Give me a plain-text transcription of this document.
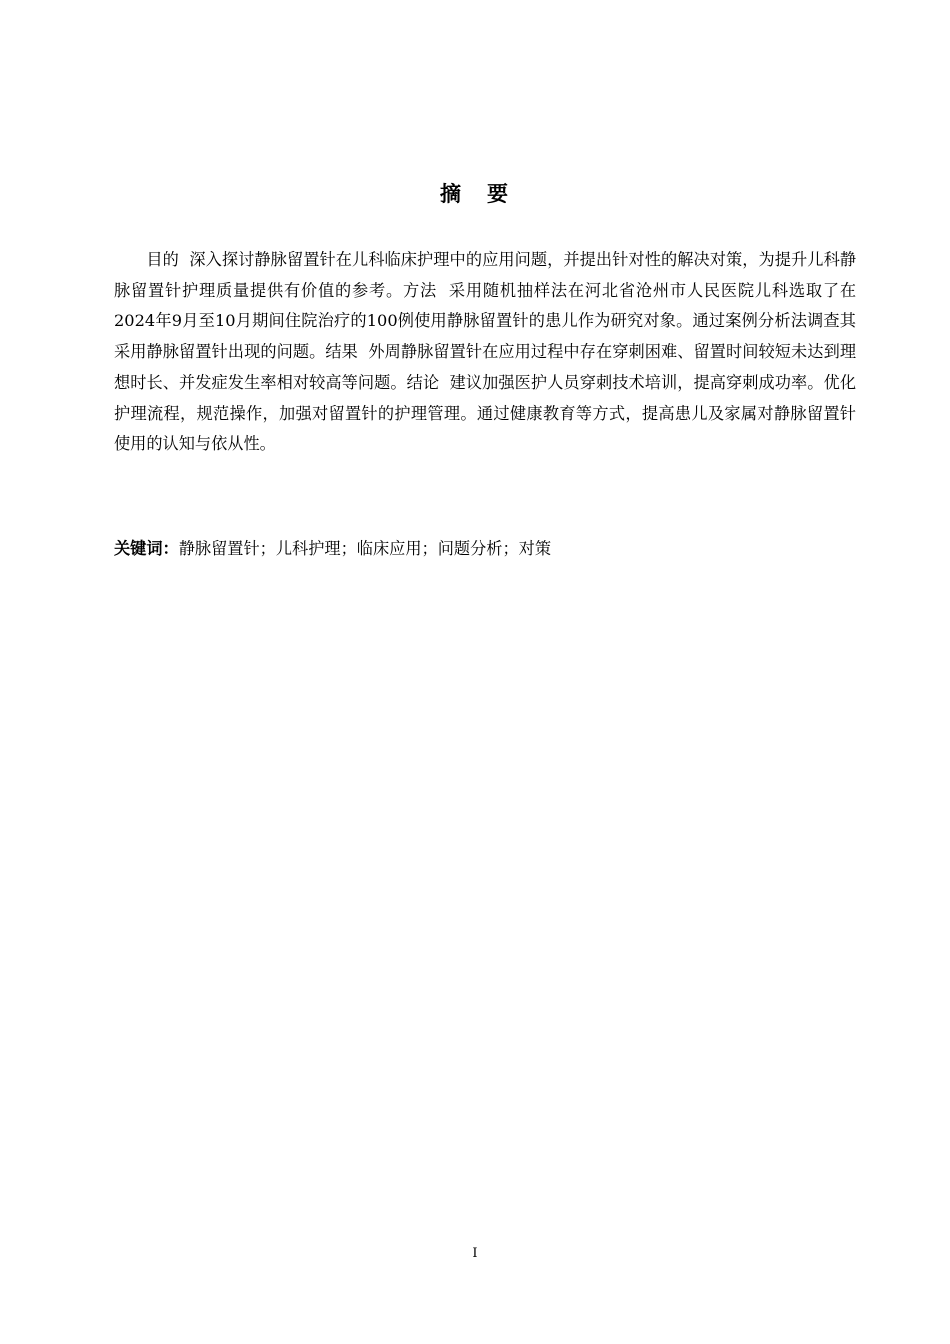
摘 要

目的 深入探讨静脉留置针在儿科临床护理中的应用问题，并提出针对性的解决对策，为提升儿科静脉留置针护理质量提供有价值的参考。方法 采用随机抽样法在河北省沧州市人民医院儿科选取了在2024年9月至10月期间住院治疗的100例使用静脉留置针的患儿作为研究对象。通过案例分析法调查其采用静脉留置针出现的问题。结果 外周静脉留置针在应用过程中存在穿刺困难、留置时间较短未达到理想时长、并发症发生率相对较高等问题。结论 建议加强医护人员穿刺技术培训，提高穿刺成功率。优化护理流程，规范操作，加强对留置针的护理管理。通过健康教育等方式，提高患儿及家属对静脉留置针使用的认知与依从性。

关键词：静脉留置针；儿科护理；临床应用；问题分析；对策
I
